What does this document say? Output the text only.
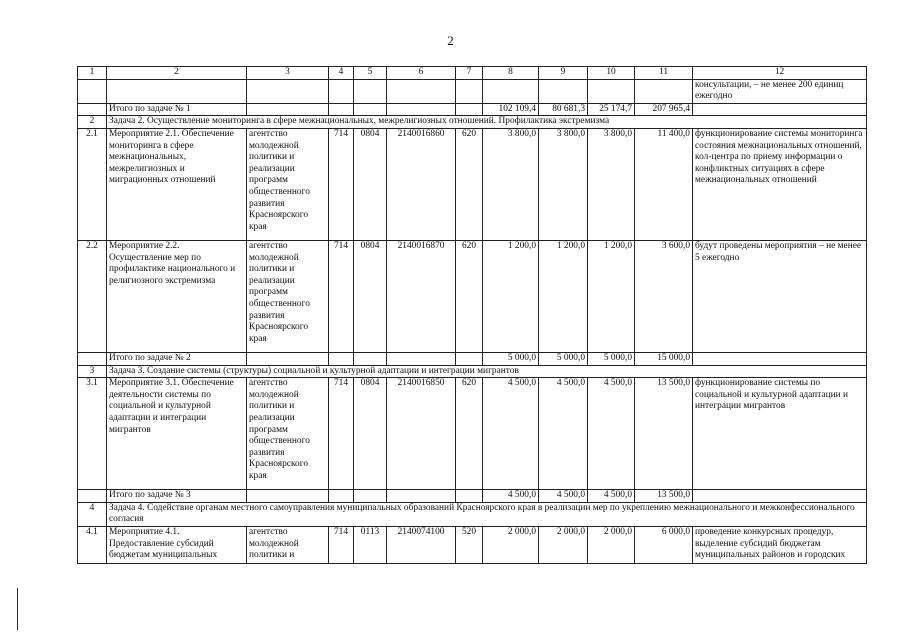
2
1	2	3	4	5	6	7	8	9	10	11	12
											консультации, – не менее 200 единиц ежегодно
	Итого по задаче № 1						102 109,4	80 681,3	25 174,7	207 965,4	
2	Задача 2. Осуществление мониторинга в сфере межнациональных, межрелигиозных отношений. Профилактика экстремизма										
2.1	Мероприятие 2.1. Обеспечение мониторинга в сфере межнациональных, межрелигиозных и миграционных отношений	агентство молодежной политики и реализации программ общественного развития Красноярского края	714	0804	2140016860	620	3 800,0	3 800,0	3 800,0	11 400,0	функционирование системы мониторинга состояния межнациональных отношений, кол-центра по приему информации о конфликтных ситуациях в сфере межнациональных отношений
2.2	Мероприятие 2.2. Осуществление мер по профилактике национального и религиозного экстремизма	агентство молодежной политики и реализации программ общественного развития Красноярского края	714	0804	2140016870	620	1 200,0	1 200,0	1 200,0	3 600,0	будут проведены мероприятия – не менее 5 ежегодно
	Итого по задаче № 2						5 000,0	5 000,0	5 000,0	15 000,0	
3	Задача 3. Создание системы (структуры) социальной и культурной адаптации и интеграции мигрантов										
3.1	Мероприятие 3.1. Обеспечение деятельности системы по социальной и культурной адаптации и интеграции мигрантов	агентство молодежной политики и реализации программ общественного развития Красноярского края	714	0804	2140016850	620	4 500,0	4 500,0	4 500,0	13 500,0	функционирование системы по социальной и культурной адаптации и интеграции мигрантов
	Итого по задаче № 3						4 500,0	4 500,0	4 500,0	13 500,0	
4	Задача 4. Содействие органам местного самоуправления муниципальных образований Красноярского края в реализации мер по укреплению межнационального и межконфессионального согласия										
4.1	Мероприятие 4.1. Предоставление субсидий бюджетам муниципальных	агентство молодежной политики и	714	0113	2140074100	520	2 000,0	2 000,0	2 000,0	6 000,0	проведение конкурсных процедур, выделение субсидий бюджетам муниципальных районов и городских
